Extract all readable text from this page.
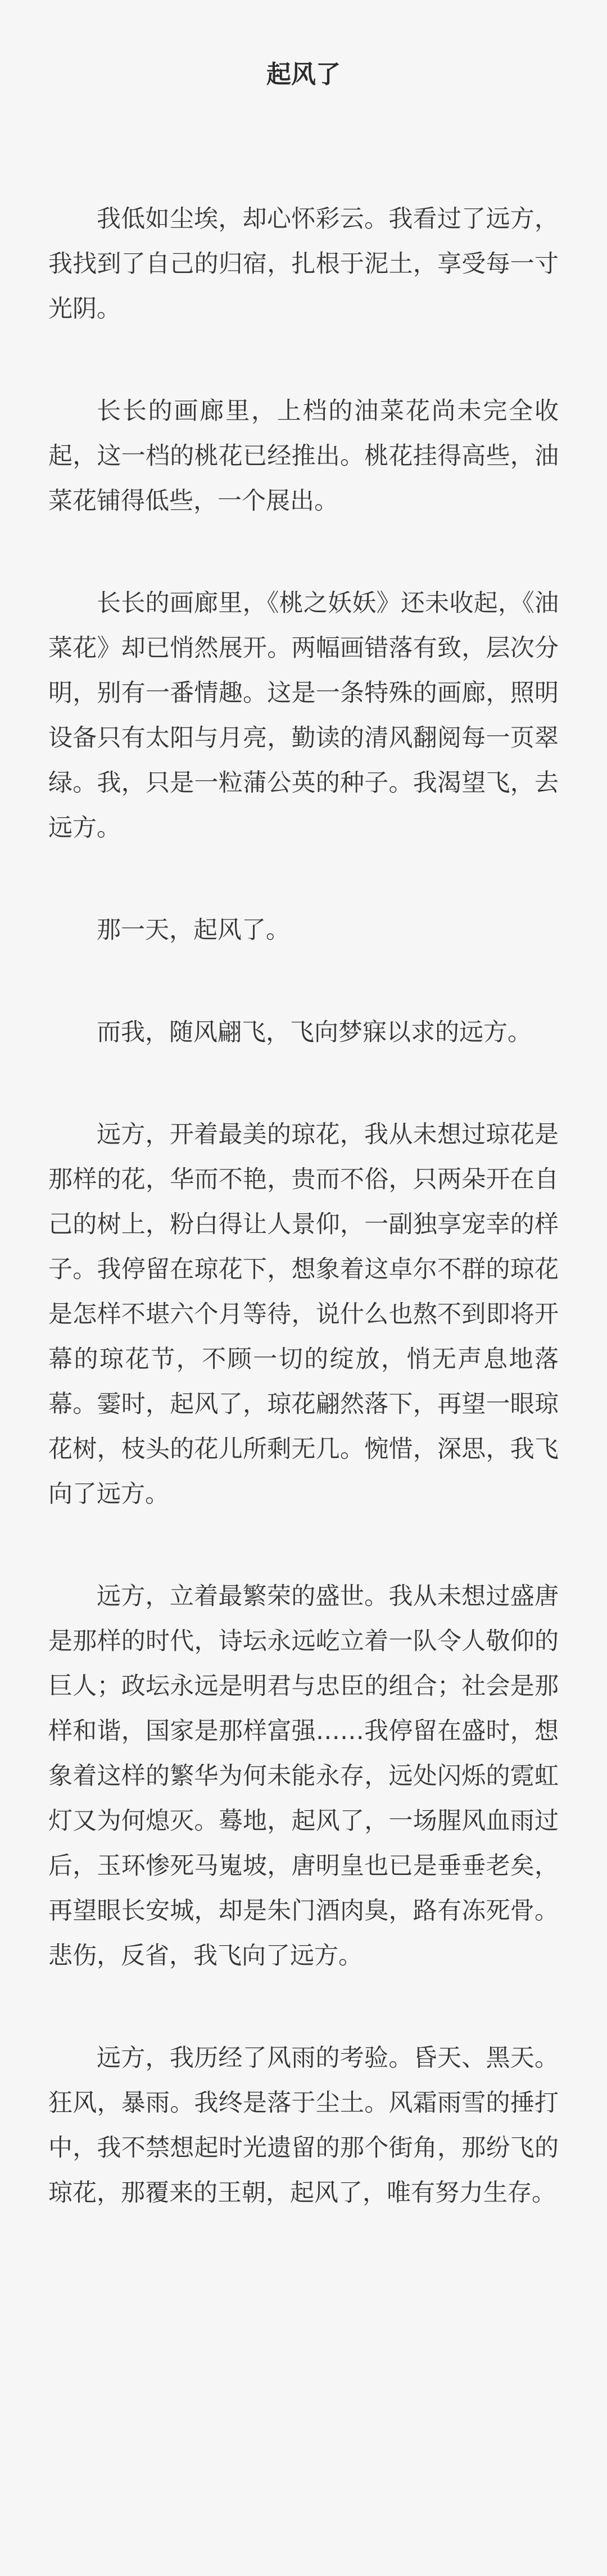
起风了

我低如尘埃，却心怀彩云。我看过了远方，我找到了自己的归宿，扎根于泥土，享受每一寸光阴。

长长的画廊里，上档的油菜花尚未完全收起，这一档的桃花已经推出。桃花挂得高些，油菜花铺得低些，一个展出。

长长的画廊里，《桃之妖妖》还未收起，《油菜花》却已悄然展开。两幅画错落有致，层次分明，别有一番情趣。这是一条特殊的画廊，照明设备只有太阳与月亮，勤读的清风翻阅每一页翠绿。我，只是一粒蒲公英的种子。我渴望飞，去远方。

那一天，起风了。

而我，随风翩飞，飞向梦寐以求的远方。

远方，开着最美的琼花，我从未想过琼花是那样的花，华而不艳，贵而不俗，只两朵开在自己的树上，粉白得让人景仰，一副独享宠幸的样子。我停留在琼花下，想象着这卓尔不群的琼花是怎样不堪六个月等待，说什么也熬不到即将开幕的琼花节，不顾一切的绽放，悄无声息地落幕。霎时，起风了，琼花翩然落下，再望一眼琼花树，枝头的花儿所剩无几。惋惜，深思，我飞向了远方。

远方，立着最繁荣的盛世。我从未想过盛唐是那样的时代，诗坛永远屹立着一队令人敬仰的巨人；政坛永远是明君与忠臣的组合；社会是那样和谐，国家是那样富强……我停留在盛时，想象着这样的繁华为何未能永存，远处闪烁的霓虹灯又为何熄灭。蓦地，起风了，一场腥风血雨过后，玉环惨死马嵬坡，唐明皇也已是垂垂老矣，再望眼长安城，却是朱门酒肉臭，路有冻死骨。悲伤，反省，我飞向了远方。

远方，我历经了风雨的考验。昏天、黑天。狂风，暴雨。我终是落于尘土。风霜雨雪的捶打中，我不禁想起时光遗留的那个街角，那纷飞的琼花，那覆来的王朝，起风了，唯有努力生存。
